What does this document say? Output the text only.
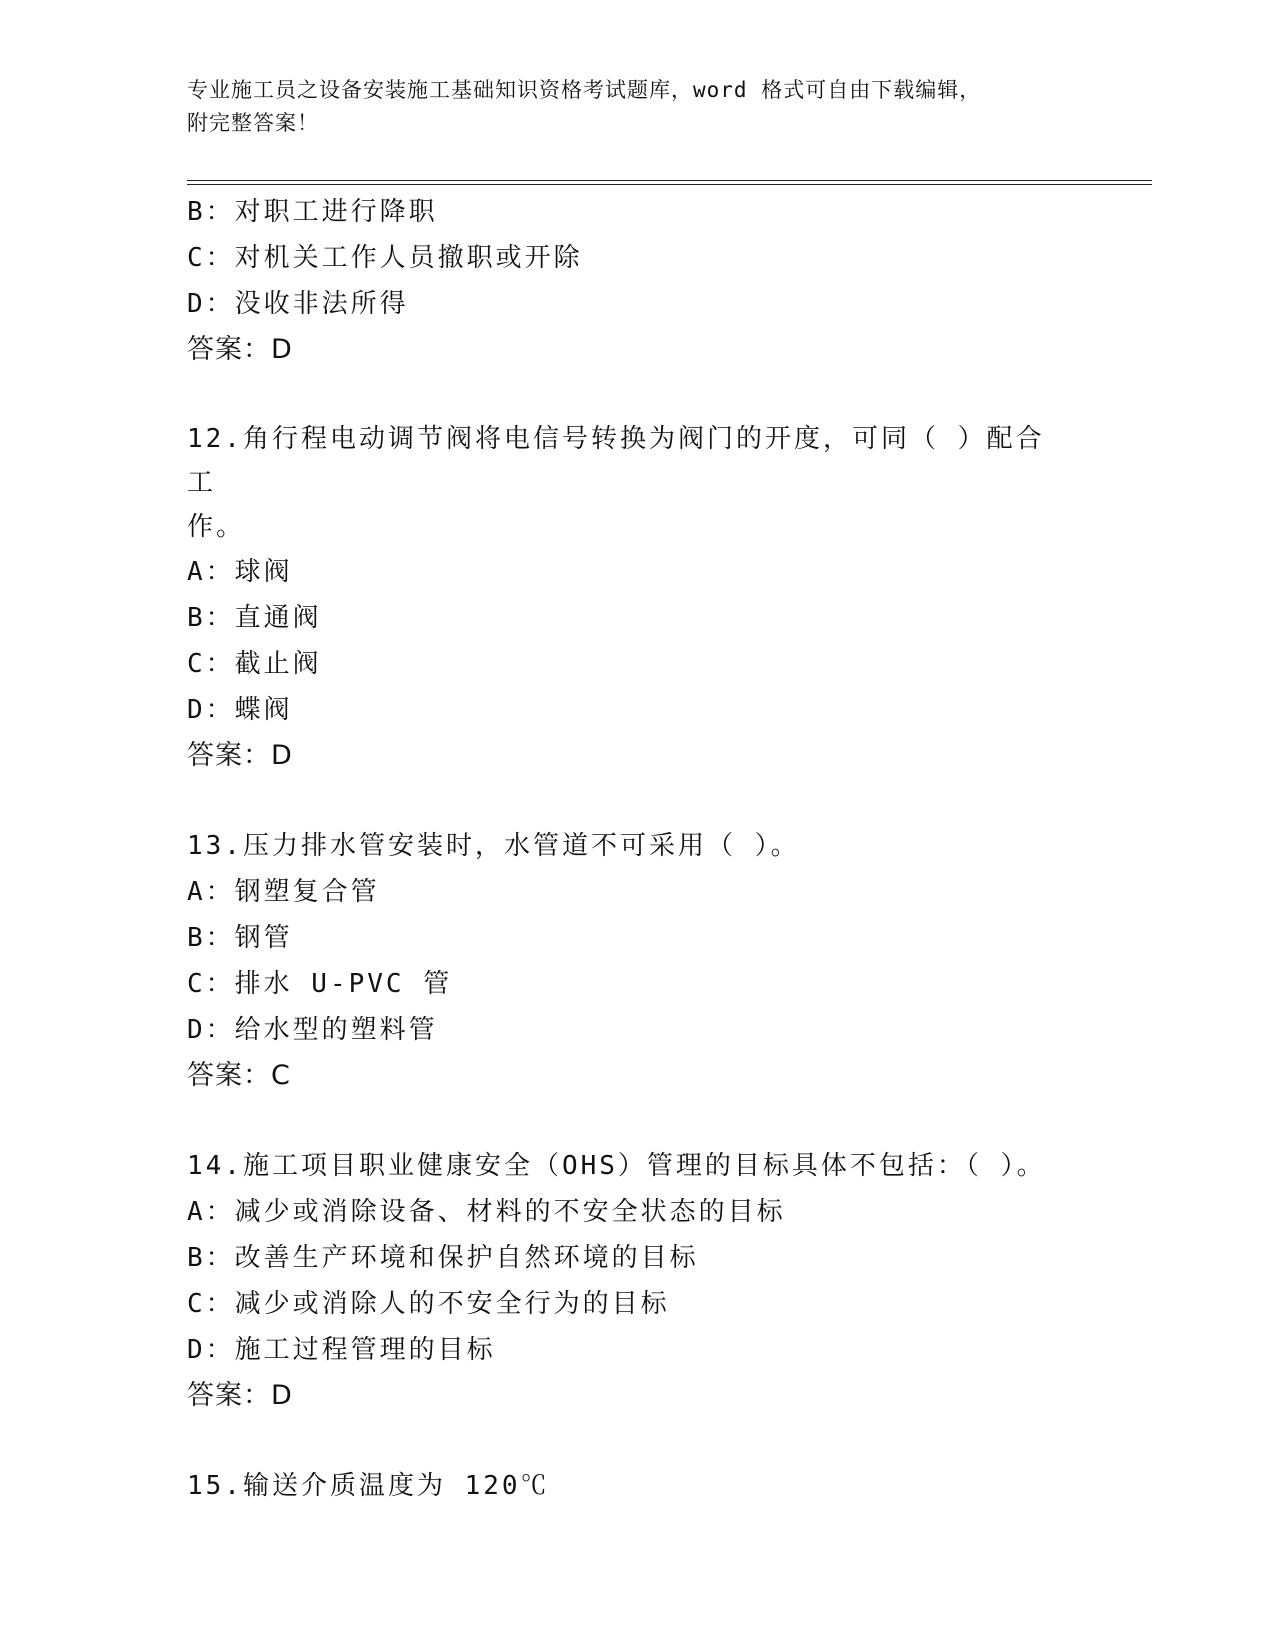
专业施工员之设备安装施工基础知识资格考试题库，word 格式可自由下载编辑，
附完整答案！
B：对职工进行降职
C：对机关工作人员撤职或开除
D：没收非法所得
答案：D
12.角行程电动调节阀将电信号转换为阀门的开度，可同（ ）配合工
作。
A：球阀
B：直通阀
C：截止阀
D：蝶阀
答案：D
13.压力排水管安装时，水管道不可采用（ ）。
A：钢塑复合管
B：钢管
C：排水 U-PVC 管
D：给水型的塑料管
答案：C
14.施工项目职业健康安全（OHS）管理的目标具体不包括：（ ）。
A：减少或消除设备、材料的不安全状态的目标
B：改善生产环境和保护自然环境的目标
C：减少或消除人的不安全行为的目标
D：施工过程管理的目标
答案：D
15.输送介质温度为 120℃
